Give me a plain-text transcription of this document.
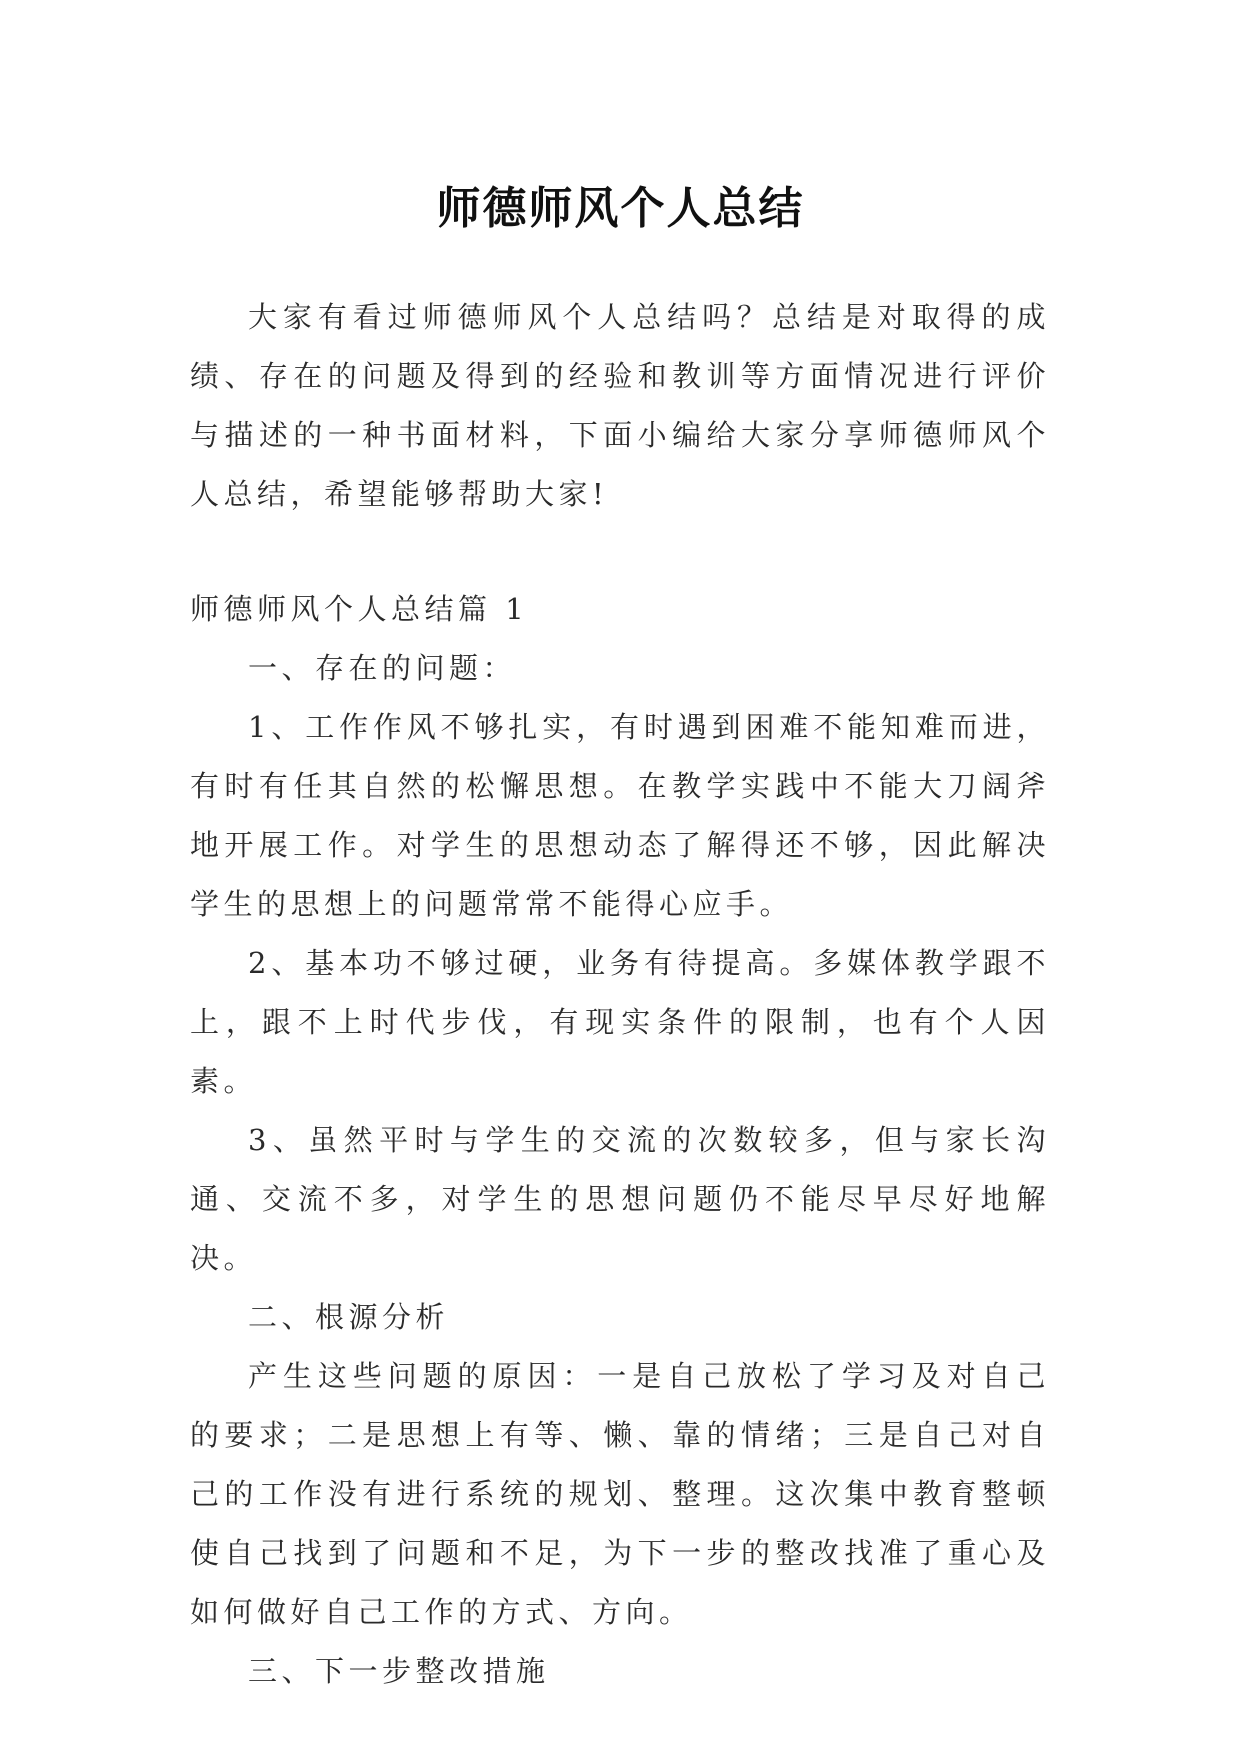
师德师风个人总结

大家有看过师德师风个人总结吗？总结是对取得的成绩、存在的问题及得到的经验和教训等方面情况进行评价与描述的一种书面材料，下面小编给大家分享师德师风个人总结，希望能够帮助大家!

师德师风个人总结篇 1

一、存在的问题：

1、工作作风不够扎实，有时遇到困难不能知难而进，有时有任其自然的松懈思想。在教学实践中不能大刀阔斧地开展工作。对学生的思想动态了解得还不够，因此解决学生的思想上的问题常常不能得心应手。

2、基本功不够过硬，业务有待提高。多媒体教学跟不上，跟不上时代步伐，有现实条件的限制，也有个人因素。

3、虽然平时与学生的交流的次数较多，但与家长沟通、交流不多，对学生的思想问题仍不能尽早尽好地解决。

二、根源分析

产生这些问题的原因：一是自己放松了学习及对自己的要求；二是思想上有等、懒、靠的情绪；三是自己对自己的工作没有进行系统的规划、整理。这次集中教育整顿使自己找到了问题和不足，为下一步的整改找准了重心及如何做好自己工作的方式、方向。

三、下一步整改措施
